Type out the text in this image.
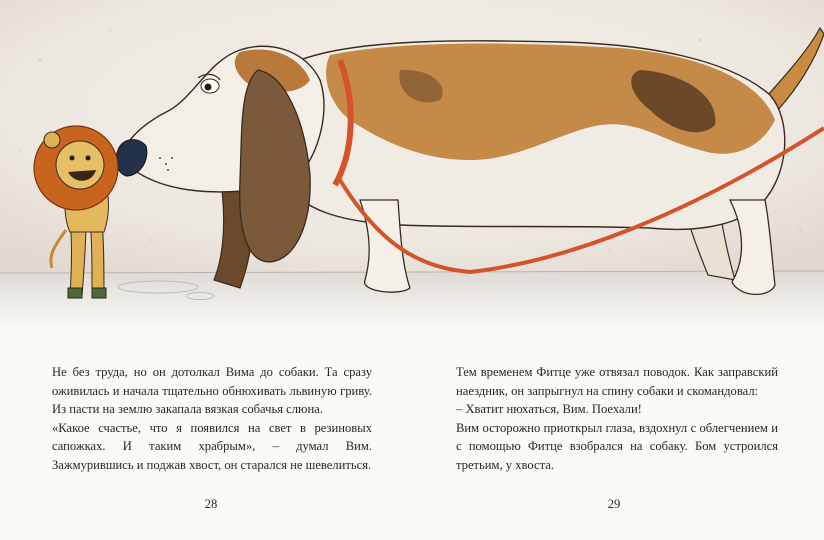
Не без труда, но он дотолкал Вима до собаки. Та сразу оживилась и начала тщательно обнюхивать львиную гриву. Из пасти на землю закапала вязкая собачья слюна.

«Какое счастье, что я появился на свет в резиновых сапожках. И таким храбрым», – думал Вим. Зажмурившись и поджав хвост, он старался не шевелиться.

Тем временем Фитце уже отвязал поводок. Как заправский наездник, он запрыгнул на спину собаки и скомандовал:

– Хватит нюхаться, Вим. Поехали!

Вим осторожно приоткрыл глаза, вздохнул с облегчением и с помощью Фитце взобрался на собаку. Бом устроился третьим, у хвоста.

28	29
